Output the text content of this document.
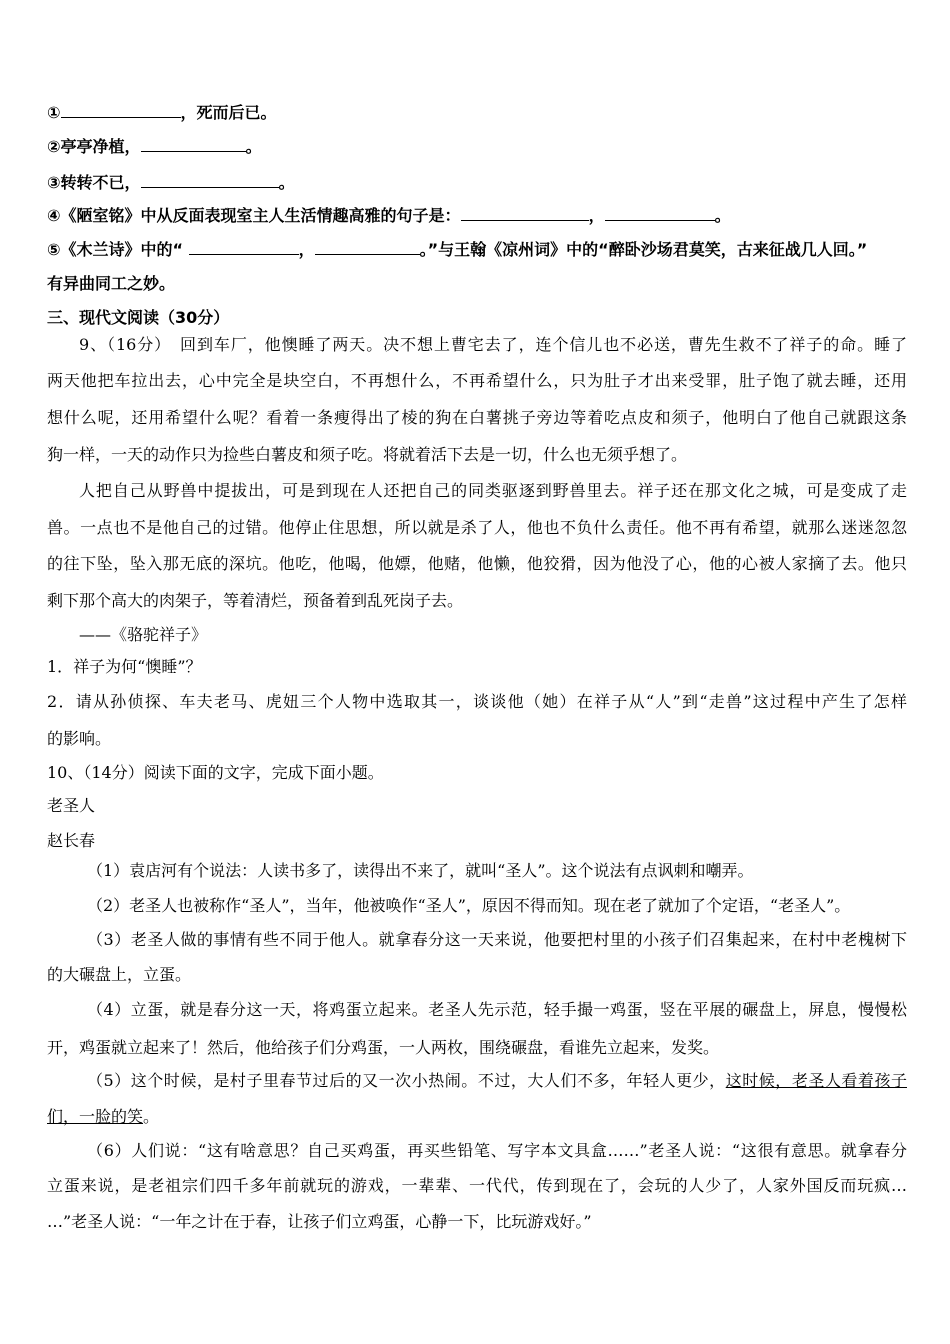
①	，死而后已。
②亭亭净植，	。
③转转不已，	。
④《陋室铭》中从反面表现室主人生活情趣高雅的句子是：	，	。
⑤《木兰诗》中的“	，	。”与王翰《凉州词》中的“醉卧沙场君莫笑，古来征战几人回。”
有异曲同工之妙。
三、现代文阅读（30分）
9、（16分）　回到车厂，他懊睡了两天。决不想上曹宅去了，连个信儿也不必送，曹先生救不了祥子的命。睡了
两天他把车拉出去，心中完全是块空白，不再想什么，不再希望什么，只为肚子才出来受罪，肚子饱了就去睡，还用
想什么呢，还用希望什么呢？看着一条瘦得出了棱的狗在白薯挑子旁边等着吃点皮和须子，他明白了他自己就跟这条
狗一样，一天的动作只为捡些白薯皮和须子吃。将就着活下去是一切，什么也无须乎想了。
人把自己从野兽中提拔出，可是到现在人还把自己的同类驱逐到野兽里去。祥子还在那文化之城，可是变成了走
兽。一点也不是他自己的过错。他停止住思想，所以就是杀了人，他也不负什么责任。他不再有希望，就那么迷迷忽忽
的往下坠，坠入那无底的深坑。他吃，他喝，他嫖，他赌，他懒，他狡猾，因为他没了心，他的心被人家摘了去。他只
剩下那个高大的肉架子，等着清烂，预备着到乱死岗子去。
——《骆驼祥子》
1．祥子为何“懊睡”？
2．请从孙侦探、车夫老马、虎妞三个人物中选取其一，谈谈他（她）在祥子从“人”到“走兽”这过程中产生了怎样
的影响。
10、（14分）阅读下面的文字，完成下面小题。
老圣人
赵长春
（1）袁店河有个说法：人读书多了，读得出不来了，就叫“圣人”。这个说法有点讽刺和嘲弄。
（2）老圣人也被称作“圣人”，当年，他被唤作“圣人”，原因不得而知。现在老了就加了个定语，“老圣人”。
（3）老圣人做的事情有些不同于他人。就拿春分这一天来说，他要把村里的小孩子们召集起来，在村中老槐树下
的大碾盘上，立蛋。
（4）立蛋，就是春分这一天，将鸡蛋立起来。老圣人先示范，轻手撮一鸡蛋，竖在平展的碾盘上，屏息，慢慢松
开，鸡蛋就立起来了！然后，他给孩子们分鸡蛋，一人两枚，围绕碾盘，看谁先立起来，发奖。
（5）这个时候，是村子里春节过后的又一次小热闹。不过，大人们不多，年轻人更少，这时候，老圣人看着孩子
们，一脸的笑。
（6）人们说：“这有啥意思？自己买鸡蛋，再买些铅笔、写字本文具盒……”老圣人说：“这很有意思。就拿春分
立蛋来说，是老祖宗们四千多年前就玩的游戏，一辈辈、一代代，传到现在了，会玩的人少了，人家外国反而玩疯…
…”老圣人说：“一年之计在于春，让孩子们立鸡蛋，心静一下，比玩游戏好。”
